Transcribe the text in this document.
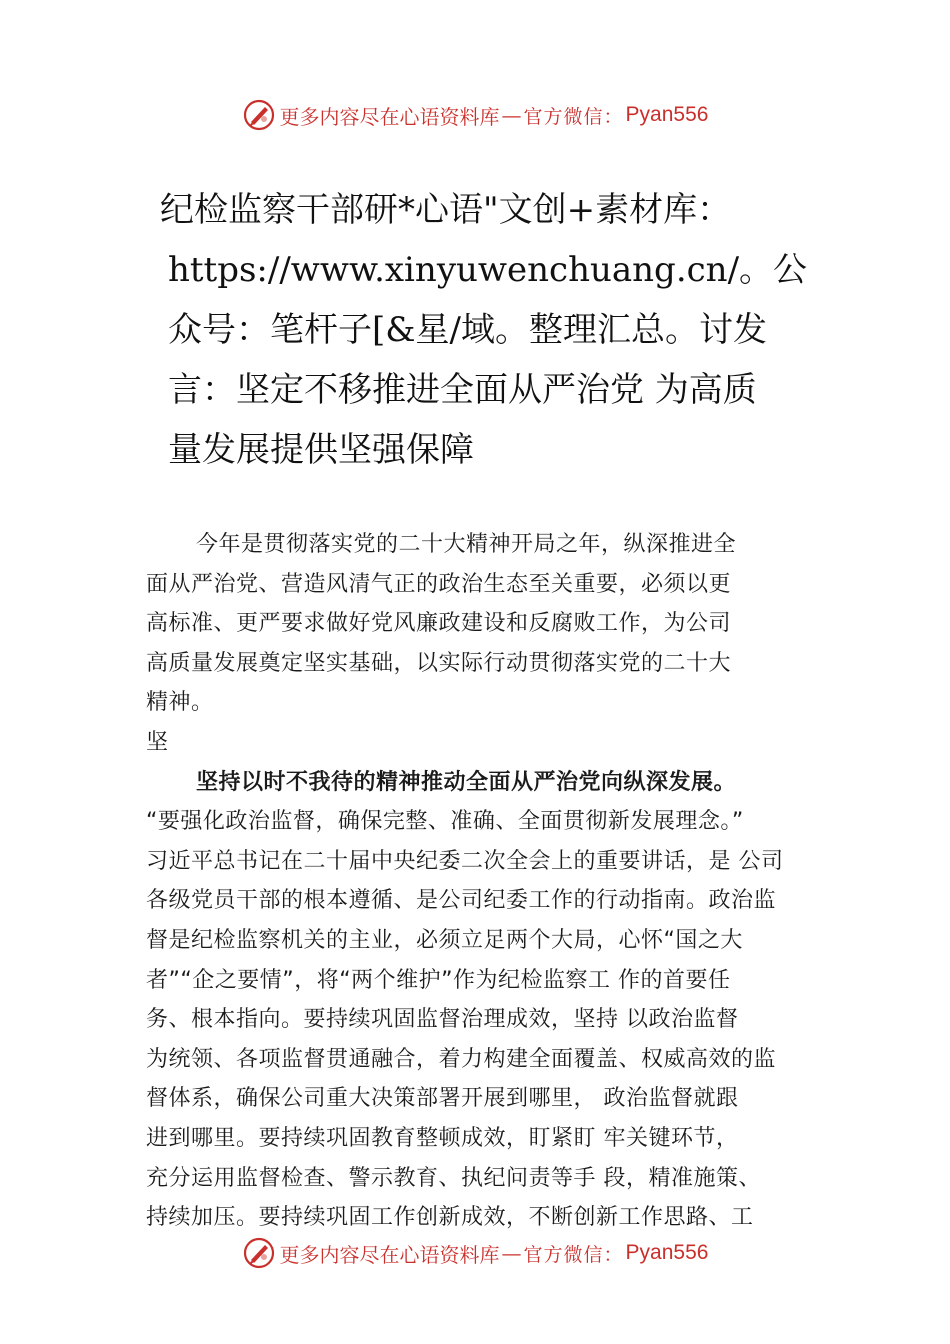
更多内容尽在心语资料库 — 官方微信： Pyan556
纪检监察干部研*心语"文创+素材库：
https://www.xinyuwenchuang.cn/。公
众号：笔杆子[&星/域。整理汇总。讨发
言：坚定不移推进全面从严治党 为高质
量发展提供坚强保障
今年是贯彻落实党的二十大精神开局之年，纵深推进全
面从严治党、营造风清气正的政治生态至关重要，必须以更
高标准、更严要求做好党风廉政建设和反腐败工作，为公司
高质量发展奠定坚实基础，以实际行动贯彻落实党的二十大
精神。
坚
坚持以时不我待的精神推动全面从严治党向纵深发展。
“要强化政治监督，确保完整、准确、全面贯彻新发展理念。”
习近平总书记在二十届中央纪委二次全会上的重要讲话，是 公司
各级党员干部的根本遵循、是公司纪委工作的行动指南。政治监
督是纪检监察机关的主业，必须立足两个大局，心怀“国之大
者”“企之要情”，将“两个维护”作为纪检监察工 作的首要任
务、根本指向。要持续巩固监督治理成效，坚持 以政治监督
为统领、各项监督贯通融合，着力构建全面覆盖、权威高效的监
督体系，确保公司重大决策部署开展到哪里， 政治监督就跟
进到哪里。要持续巩固教育整顿成效，盯紧盯 牢关键环节，
充分运用监督检查、警示教育、执纪问责等手 段，精准施策、
持续加压。要持续巩固工作创新成效，不断创新工作思路、工
更多内容尽在心语资料库 — 官方微信： Pyan556
